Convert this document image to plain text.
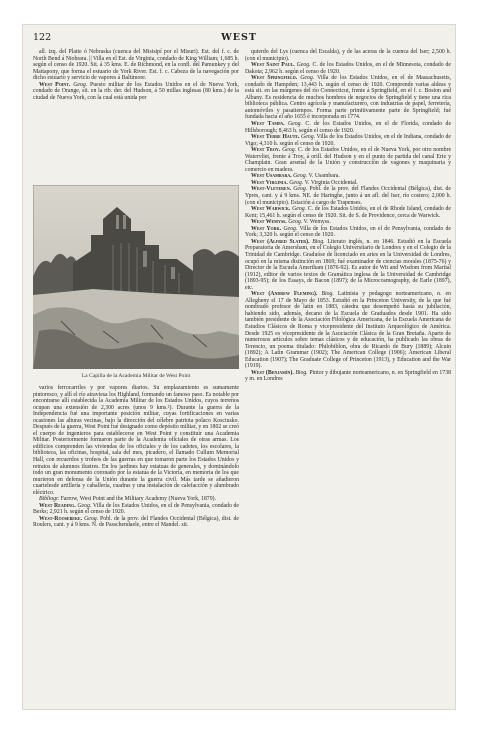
122	WEST

all. izq. del Platte ó Nebraska (cuenca del Misisipí por el Misuri). Est. del f. c. de North Bend á Niobrara. || Villa en el Est. de Virginia, condado de King William; 1,685 h. según el censo de 1920. Sit. á 35 kms. E. de Richmond, en la confl. del Pamunkey y del Mattapony, que forma el estuario de York River. Est. f. c. Cabeza de la navegación por dicho estuario y servicio de vapores á Baltimore.

West Point. Geog. Puesto militar de los Estados Unidos en el de Nueva York, condado de Orange, sit. en la rib. der. del Hudson, á 50 millas inglesas (80 kms.) de la ciudad de Nueva York, con la cual está unida por

La Capilla de la Academia Militar de West Point

varios ferrocarriles y por vapores diarios. Su emplazamiento es sumamente pintoresco, y allí el río atraviesa los Highland, formando un famoso paso. Es notable por encontrarse allí establecida la Academia Militar de los Estados Unidos, cuyos terrenos ocupan una extensión de 2,300 acres (unos 9 kms.²). Durante la guerra de la Independencia fué una importante posición militar, cuyas fortificaciones en varias ocasiones las alturas vecinas, bajo la dirección del célebre patriota polaco Kosciusko. Después de la guerra, West Point fué designado como depósito militar, y en 1802 se creó el cuerpo de ingenieros para establecerse en West Point y constituir una Academia Militar. Posteriormente formaron parte de la Academia oficiales de otras armas. Los edificios comprenden las viviendas de los oficiales y de los cadetes, los escolares, la biblioteca, las oficinas, hospital, sala del mes, picadero, el llamado Cullum Memorial Hall, con recuerdos y trofeos de las guerras en que tomaron parte los Estados Unidos y retratos de alumnos ilustres. En los jardines hay estatuas de generales, y dominándolo todo un gran monumento coronado por la estatua de la Victoria, en memoria de los que murieron en defensa de la Unión durante la guerra civil. Más tarde se añadieron cuartelesde artillería y caballería, cuadras y una instalación de calefacción y alumbrado eléctrico.

Bibliogr. Farrow, West Point and the Military Academy (Nueva York, 1879).

West Reading. Geog. Villa de los Estados Unidos, en el de Pensylvania, condado de Berks; 2,921 h. según el censo de 1920.

West-Roosebeke. Geog. Pobl. de la prov. del Flandes Occidental (Bélgica), dist. de Roulers, cant. y á 9 kms. N. de Passchendaele, entre el Mandel. sit.

quierdo del Lys (cuenca del Escalda), y de las aceras de la cuenca del Iser; 2,500 h. (con el municipio).

West Saint Paul. Geog. C. de los Estados Unidos, en el de Minnesota, condado de Dakota; 2,962 h. según el censo de 1920.

West Springfield. Geog. Villa de los Estados Unidos, en el de Massachusetts, condado de Hampden; 13,443 h. según el censo de 1920. Comprende varias aldeas y está sit. en las márgenes del río Connecticut, frente á Springfield, en el f. c. Boston and Albany. Es residencia de muchos hombres de negocios de Springfield y tiene una rica biblioteca pública. Centro agrícola y manufacturero, con industrias de papel, ferretería, automóviles y pasatiempos. Forma parte primitivamente parte de Springfield; fué fundada hacia el año 1655 é incorporada en 1774.

West Tampa. Geog. C. de los Estados Unidos, en el de Florida, condado de Hillsborough; 8,463 h. según el censo de 1920.

West Terre Haute. Geog. Villa de los Estados Unidos, en el de Indiana, condado de Vigo; 4,310 h. según el censo de 1920.

West Troy. Geog. C. de los Estados Unidos, en el de Nueva York, por otro nombre Watervliet, frente á Troy, á orill. del Hudson y en el punto de partida del canal Erie y Champlain. Gran arsenal de la Unión y construcción de vagones y maquinaria y comercio en madera.

West Usambara. Geog. V. Usambara.

West Virginia. Geog. V. Virginia Occidental.

West-Vleteren. Geog. Pobl. de la prov. del Flandes Occidental (Bélgica), dist. de Ypres, cant. y á 9 kms. NE. de Haringhe, junto á un afl. del Iser, río costero; 2,000 h. (con el municipio). Estación á cargo de Trapenses.

West Warwick. Geog. C. de los Estados Unidos, en el de Rhode Island, condado de Kent; 15,461 h. según el censo de 1920. Sit. de S. de Providence, cerca de Warwick.

West Wemyss. Geog. V. Wemyss.

West York. Geog. Villa de los Estados Unidos, en el de Pensylvania, condado de York; 3,320 h. según el censo de 1920.

West (Alfred Slater). Biog. Literato inglés, n. en 1846. Estudió en la Escuela Preparatoria de Amersham, en el Colegio Universitario de Londres y en el Colegio de la Trinidad de Cambridge. Graduóse de licenciado en artes en la Universidad de Londres, ocupó en la misma distinción en 1869; fué examinador de ciencias morales (1875-76) y Director de la Escuela Ameriham (1876-92). Es autor de Wit and Wisdom from Martial (1912), editor de varios textos de Gramática inglesa de la Universidad de Cambridge (1893-95); de los Essays, de Bacon (1897); de la Microcosmography, de Earle (1897), etc.

West (Andrew Fleming). Biog. Latinista y pedagogo norteamericano, n. en Allegheny el 17 de Mayo de 1853. Estudió en la Princeton University, de la que fué nombrado profesor de latín en 1883, cátedra que desempeñó hasta su jubilación, habiendo sido, además, decano de la Escuela de Graduados desde 1901. Ha sido también presidente de la Asociación Filológica Americana, de la Escuela Americana de Estudios Clásicos de Roma y vicepresidente del Instituto Arqueológico de América. Desde 1925 es vicepresidente de la Asociación Clásica de la Gran Bretaña. Aparte de numerosos artículos sobre temas clásicos y de educación, ha publicado las obras de Terencio, un poema titulado: Philobiblon, obra de Ricardo de Bury (1889); Alcuin (1892); A Latin Grammar (1902); The American College (1906); American Liberal Education (1907); The Graduate College of Princeton (1913), y Education and the War (1919).

West (Benjamín). Biog. Pintor y dibujante norteamericano, n. en Springfield en 1738 y m. en Londres
